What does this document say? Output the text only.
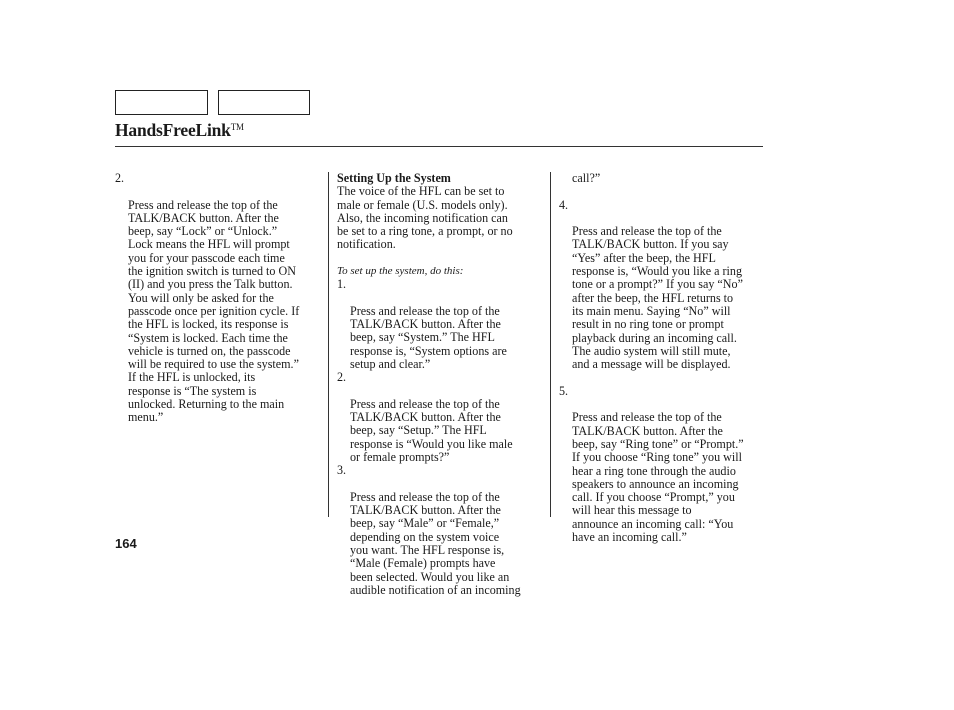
HandsFreeLink™

2.

Press and release the top of the
TALK/BACK button. After the
beep, say “Lock” or “Unlock.”
Lock means the HFL will prompt
you for your passcode each time
the ignition switch is turned to ON
(II) and you press the Talk button.
You will only be asked for the
passcode once per ignition cycle. If
the HFL is locked, its response is
“System is locked. Each time the
vehicle is turned on, the passcode
will be required to use the system.”
If the HFL is unlocked, its
response is “The system is
unlocked. Returning to the main
menu.”

Setting Up the System
The voice of the HFL can be set to
male or female (U.S. models only).
Also, the incoming notification can
be set to a ring tone, a prompt, or no
notification.
To set up the system, do this:

1.

Press and release the top of the
TALK/BACK button. After the
beep, say “System.” The HFL
response is, “System options are
setup and clear.”

2.

Press and release the top of the
TALK/BACK button. After the
beep, say “Setup.” The HFL
response is “Would you like male
or female prompts?”

3.

Press and release the top of the
TALK/BACK button. After the
beep, say “Male” or “Female,”
depending on the system voice
you want. The HFL response is,
“Male (Female) prompts have
been selected. Would you like an
audible notification of an incoming

call?”

4.

Press and release the top of the
TALK/BACK button. If you say
“Yes” after the beep, the HFL
response is, “Would you like a ring
tone or a prompt?” If you say “No”
after the beep, the HFL returns to
its main menu. Saying “No” will
result in no ring tone or prompt
playback during an incoming call.
The audio system will still mute,
and a message will be displayed.

5.

Press and release the top of the
TALK/BACK button. After the
beep, say “Ring tone” or “Prompt.”
If you choose “Ring tone” you will
hear a ring tone through the audio
speakers to announce an incoming
call. If you choose “Prompt,” you
will hear this message to
announce an incoming call: “You
have an incoming call.”

164
